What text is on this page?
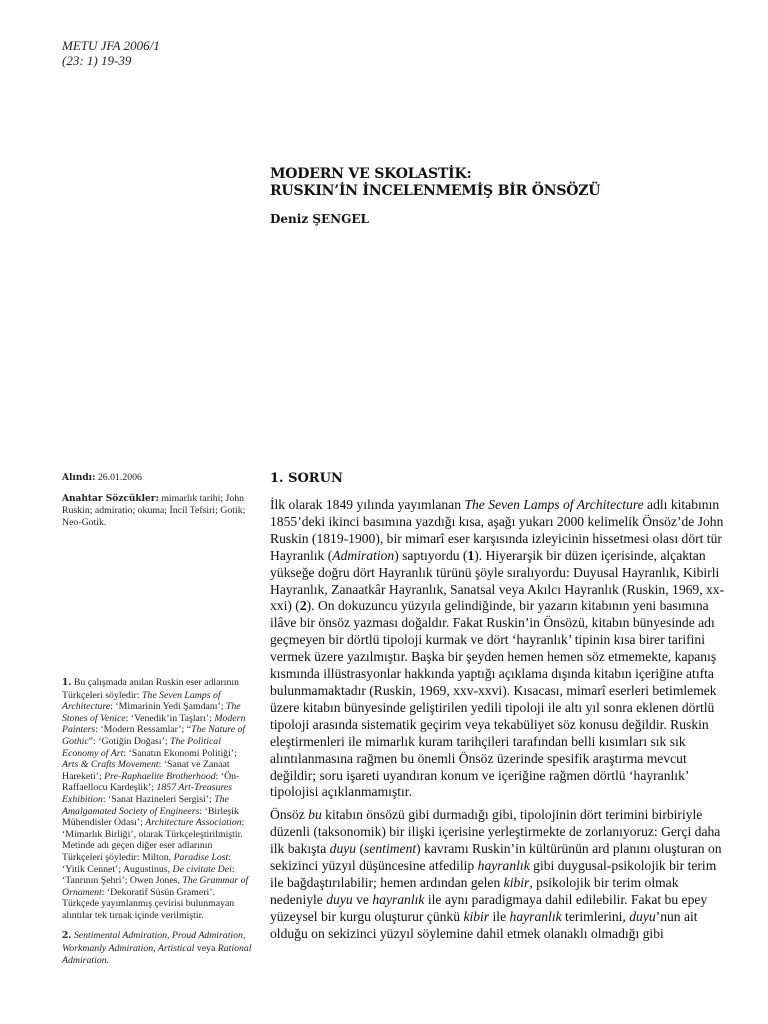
METU JFA 2006/1
(23: 1) 19-39
MODERN VE SKOLASTİK:
RUSKIN’İN İNCELENMEMİŞ BİR ÖNSÖZÜ
Deniz ŞENGEL

Alındı: 26.01.2006

Anahtar Sözcükler: mimarlık tarihi; John Ruskin; admiratio; okuma; İncil Tefsiri; Gotik; Neo-Gotik.

1. Bu çalışmada anılan Ruskin eser adlarının Türkçeleri söyledir: The Seven Lamps of Architecture: ‘Mimarinin Yedi Şamdanı’; The Stones of Venice: ‘Venedik’in Taşları’; Modern Painters: ‘Modern Ressamlar’; “The Nature of Gothic”: ‘Gotiğin Doğası’; The Political Economy of Art: ‘Sanatın Ekonomi Politiği’; Arts & Crafts Movement: ‘Sanat ve Zanaat Hareketi’; Pre-Raphaelite Brotherhood: ‘Ön-Raffaellocu Kardeşlik’; 1857 Art-Treasures Exhibition: ‘Sanat Hazineleri Sergisi’; The Amalgamated Society of Engineers: ‘Birleşik Mühendisler Odası’; Architecture Association: ‘Mimarlık Birliği’, olarak Türkçeleştirilmiştir. Metinde adı geçen diğer eser adlarının Türkçeleri şöyledir: Milton, Paradise Lost: ‘Yitik Cennet’; Augustinus, De civitate Dei: ‘Tanrının Şehri’; Owen Jones, The Grammar of Ornament: ‘Dekoratif Süsün Grameri’. Türkçede yayımlanmış çevirisi bulunmayan alıntılar tek tırnak içinde verilmiştir.

2. Sentimental Admiration, Proud Admiration, Workmanly Admiration, Artistical veya Rational Admiration.

1. SORUN

İlk olarak 1849 yılında yayımlanan The Seven Lamps of Architecture adlı kitabının 1855’deki ikinci basımına yazdığı kısa, aşağı yukarı 2000 kelimelik Önsöz’de John Ruskin (1819-1900), bir mimarî eser karşısında izleyicinin hissetmesi olası dört tür Hayranlık (Admiration) saptıyordu (1). Hiyerarşik bir düzen içerisinde, alçaktan yükseğe doğru dört Hayranlık türünü şöyle sıralıyordu: Duyusal Hayranlık, Kibirli Hayranlık, Zanaatkâr Hayranlık, Sanatsal veya Akılcı Hayranlık (Ruskin, 1969, xx-xxi) (2). On dokuzuncu yüzyıla gelindiğinde, bir yazarın kitabının yeni basımına ilâve bir önsöz yazması doğaldır. Fakat Ruskin’in Önsözü, kitabın bünyesinde adı geçmeyen bir dörtlü tipoloji kurmak ve dört ‘hayranlık’ tipinin kısa birer tarifini vermek üzere yazılmıştır. Başka bir şeyden hemen hemen söz etmemekte, kapanış kısmında illüstrasyonlar hakkında yaptığı açıklama dışında kitabın içeriğine atıfta bulunmamaktadır (Ruskin, 1969, xxv-xxvi). Kısacası, mimarî eserleri betimlemek üzere kitabın bünyesinde geliştirilen yedili tipoloji ile altı yıl sonra eklenen dörtlü tipoloji arasında sistematik geçirim veya tekabüliyet söz konusu değildir. Ruskin eleştirmenleri ile mimarlık kuram tarihçileri tarafından belli kısımları sık sık alıntılanmasına rağmen bu önemli Önsöz üzerinde spesifik araştırma mevcut değildir; soru işareti uyandıran konum ve içeriğine rağmen dörtlü ‘hayranlık’ tipolojisi açıklanmamıştır.

Önsöz bu kitabın önsözü gibi durmadığı gibi, tipolojinin dört terimini birbiriyle düzenli (taksonomik) bir ilişki içerisine yerleştirmekte de zorlanıyoruz: Gerçi daha ilk bakışta duyu (sentiment) kavramı Ruskin’in kültürünün ard planını oluşturan on sekizinci yüzyıl düşüncesine atfedilip hayranlık gibi duygusal-psikolojik bir terim ile bağdaştırılabilir; hemen ardından gelen kibir, psikolojik bir terim olmak nedeniyle duyu ve hayranlık ile aynı paradigmaya dahil edilebilir. Fakat bu epey yüzeysel bir kurgu oluşturur çünkü kibir ile hayranlık terimlerini, duyu’nun ait olduğu on sekizinci yüzyıl söylemine dahil etmek olanaklı olmadığı gibi
